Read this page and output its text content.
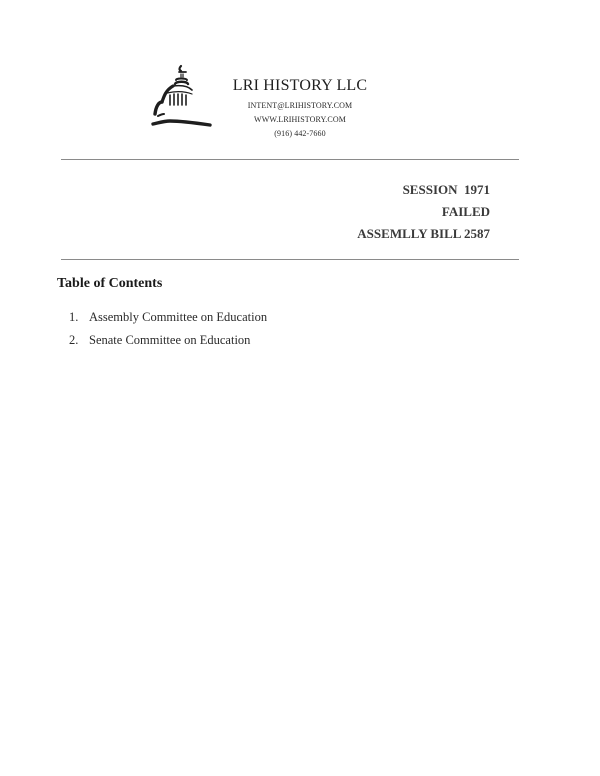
LRI HISTORY LLC
INTENT@LRIHISTORY.COM
WWW.LRIHISTORY.COM
(916) 442-7660
SESSION  1971
FAILED
ASSEMLLY BILL 2587
Table of Contents
1. Assembly Committee on Education
2. Senate Committee on Education
